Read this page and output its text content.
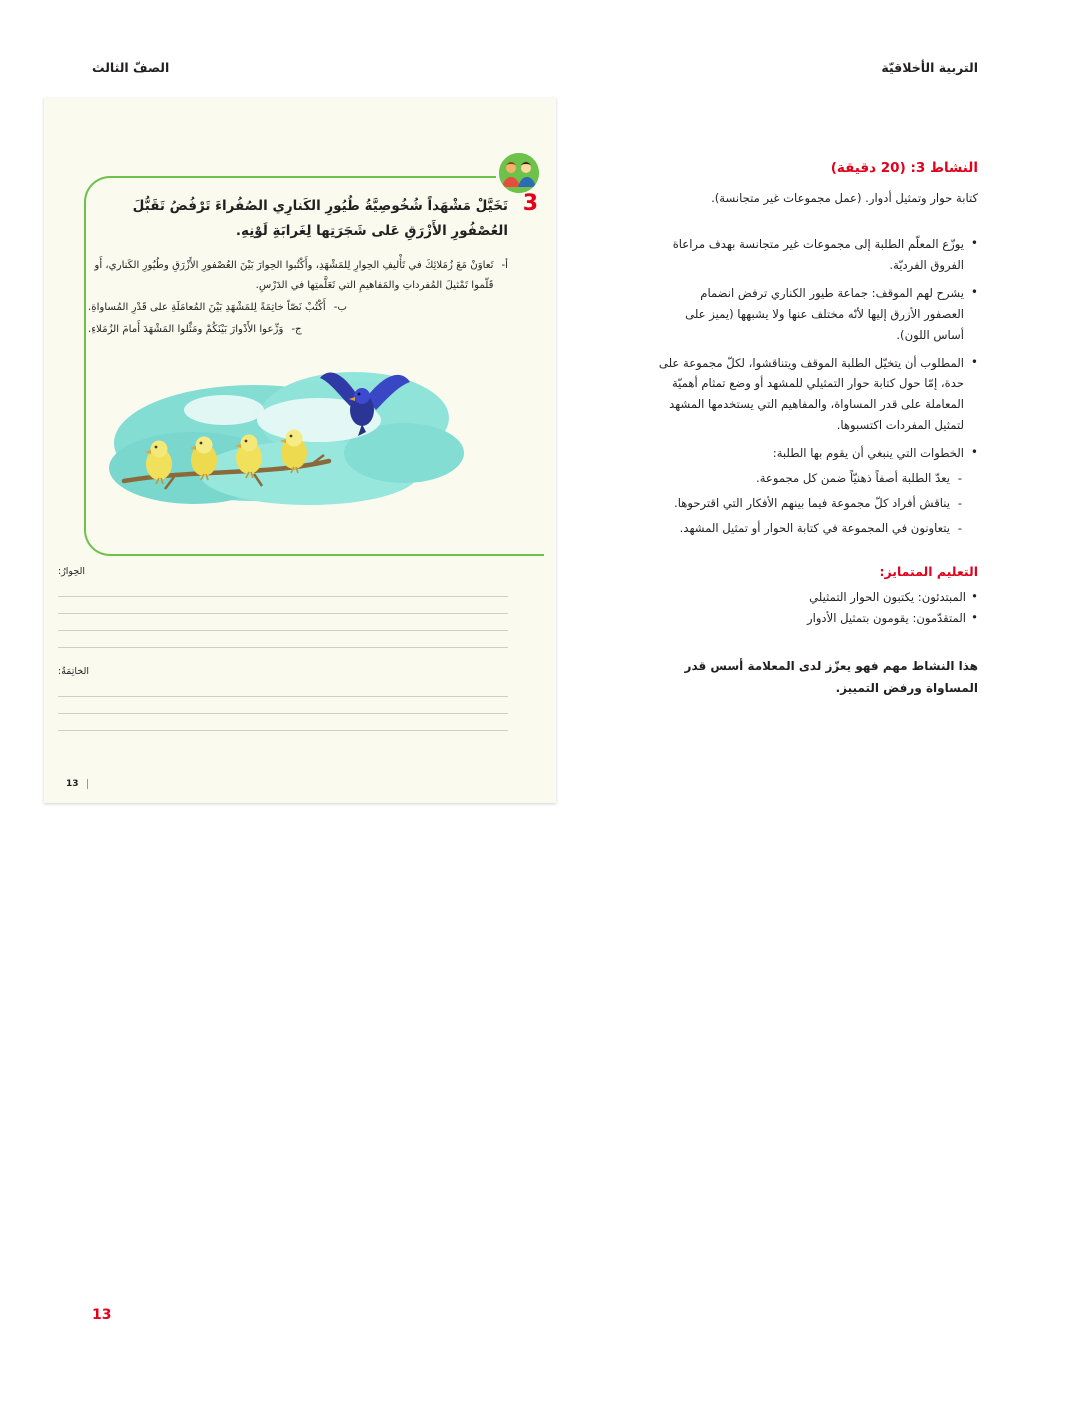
التربية الأخلاقيّة
الصفّ الثالث
3
تَخَيَّلْ مَشْهَداً شُخُوصِيَّةُ طُيُورِ الكَنارِي الصُفُراءَ تَرْفُضُ تَقَبُّلَ العُصْفُورِ الأَزْرَقِ عَلى شَجَرَتِها لِغَرابَةِ لَوْنِهِ.
أ-
تَعاوَنْ مَعَ زُمَلائِكَ في تَأْليفِ الحِوارِ لِلمَشْهَدِ، وأَكْتُبوا الحِوارَ بَيْنَ العُصْفورِ الأَزْرَقِ وطُيُورِ الكَناري، أَو قَلّموا تَمْثيلَ المُفرداتِ والمَفاهيمِ التي تَعَلَّمتِها في الدَرْسِ.
ب-
أَكْتُبْ نَصّاً خاتِمَةً لِلمَشْهَدِ بَيْنَ المُعامَلَةِ على قَدْرِ المُساواةِ.
ج-
وَزِّعوا الأَدْوارَ بَيْنَكُمْ ومَثِّلوا المَشْهَدَ أَمامَ الزُمَلاءِ.
الحِوارُ:
الخاتِمَةُ:
13
النشاط 3: (20 دقيقة)
كتابة حوار وتمثيل أدوار. (عمل مجموعات غير متجانسة).
• يوزّع المعلّم الطلبة إلى مجموعات غير متجانسة بهدف مراعاة الفروق الفرديّة.
• يشرح لهم الموقف: جماعة طيور الكناري ترفض انضمام العصفور الأزرق إليها لأنّه مختلف عنها ولا يشبهها (يميز على أساس اللون).
• المطلوب أن يتخيّل الطلبة الموقف ويتناقشوا، لكلّ مجموعة على حدة، إمّا حول كتابة حوار التمثيلي للمشهد أو وضع تمثام أهميّة المعاملة على قدر المساواة، والمفاهيم التي يستخدمها المشهد لتمثيل المفردات اكتسبوها.
• الخطوات التي ينبغي أن يقوم بها الطلبة:
- يعدّ الطلبة أصفاً ذهنيّاً ضمن كل مجموعة.
- يناقش أفراد كلّ مجموعة فيما بينهم الأفكار التي اقترحوها.
- يتعاونون في المجموعة في كتابة الحوار أو تمثيل المشهد.
التعليم المتمايز:
• المبتدئون: يكتبون الحوار التمثيلي
• المتقدّمون: يقومون بتمثيل الأدوار
هذا النشاط مهم فهو يعزّز لدى المعلامة أسس قدر المساواة ورفض التمييز.
13
